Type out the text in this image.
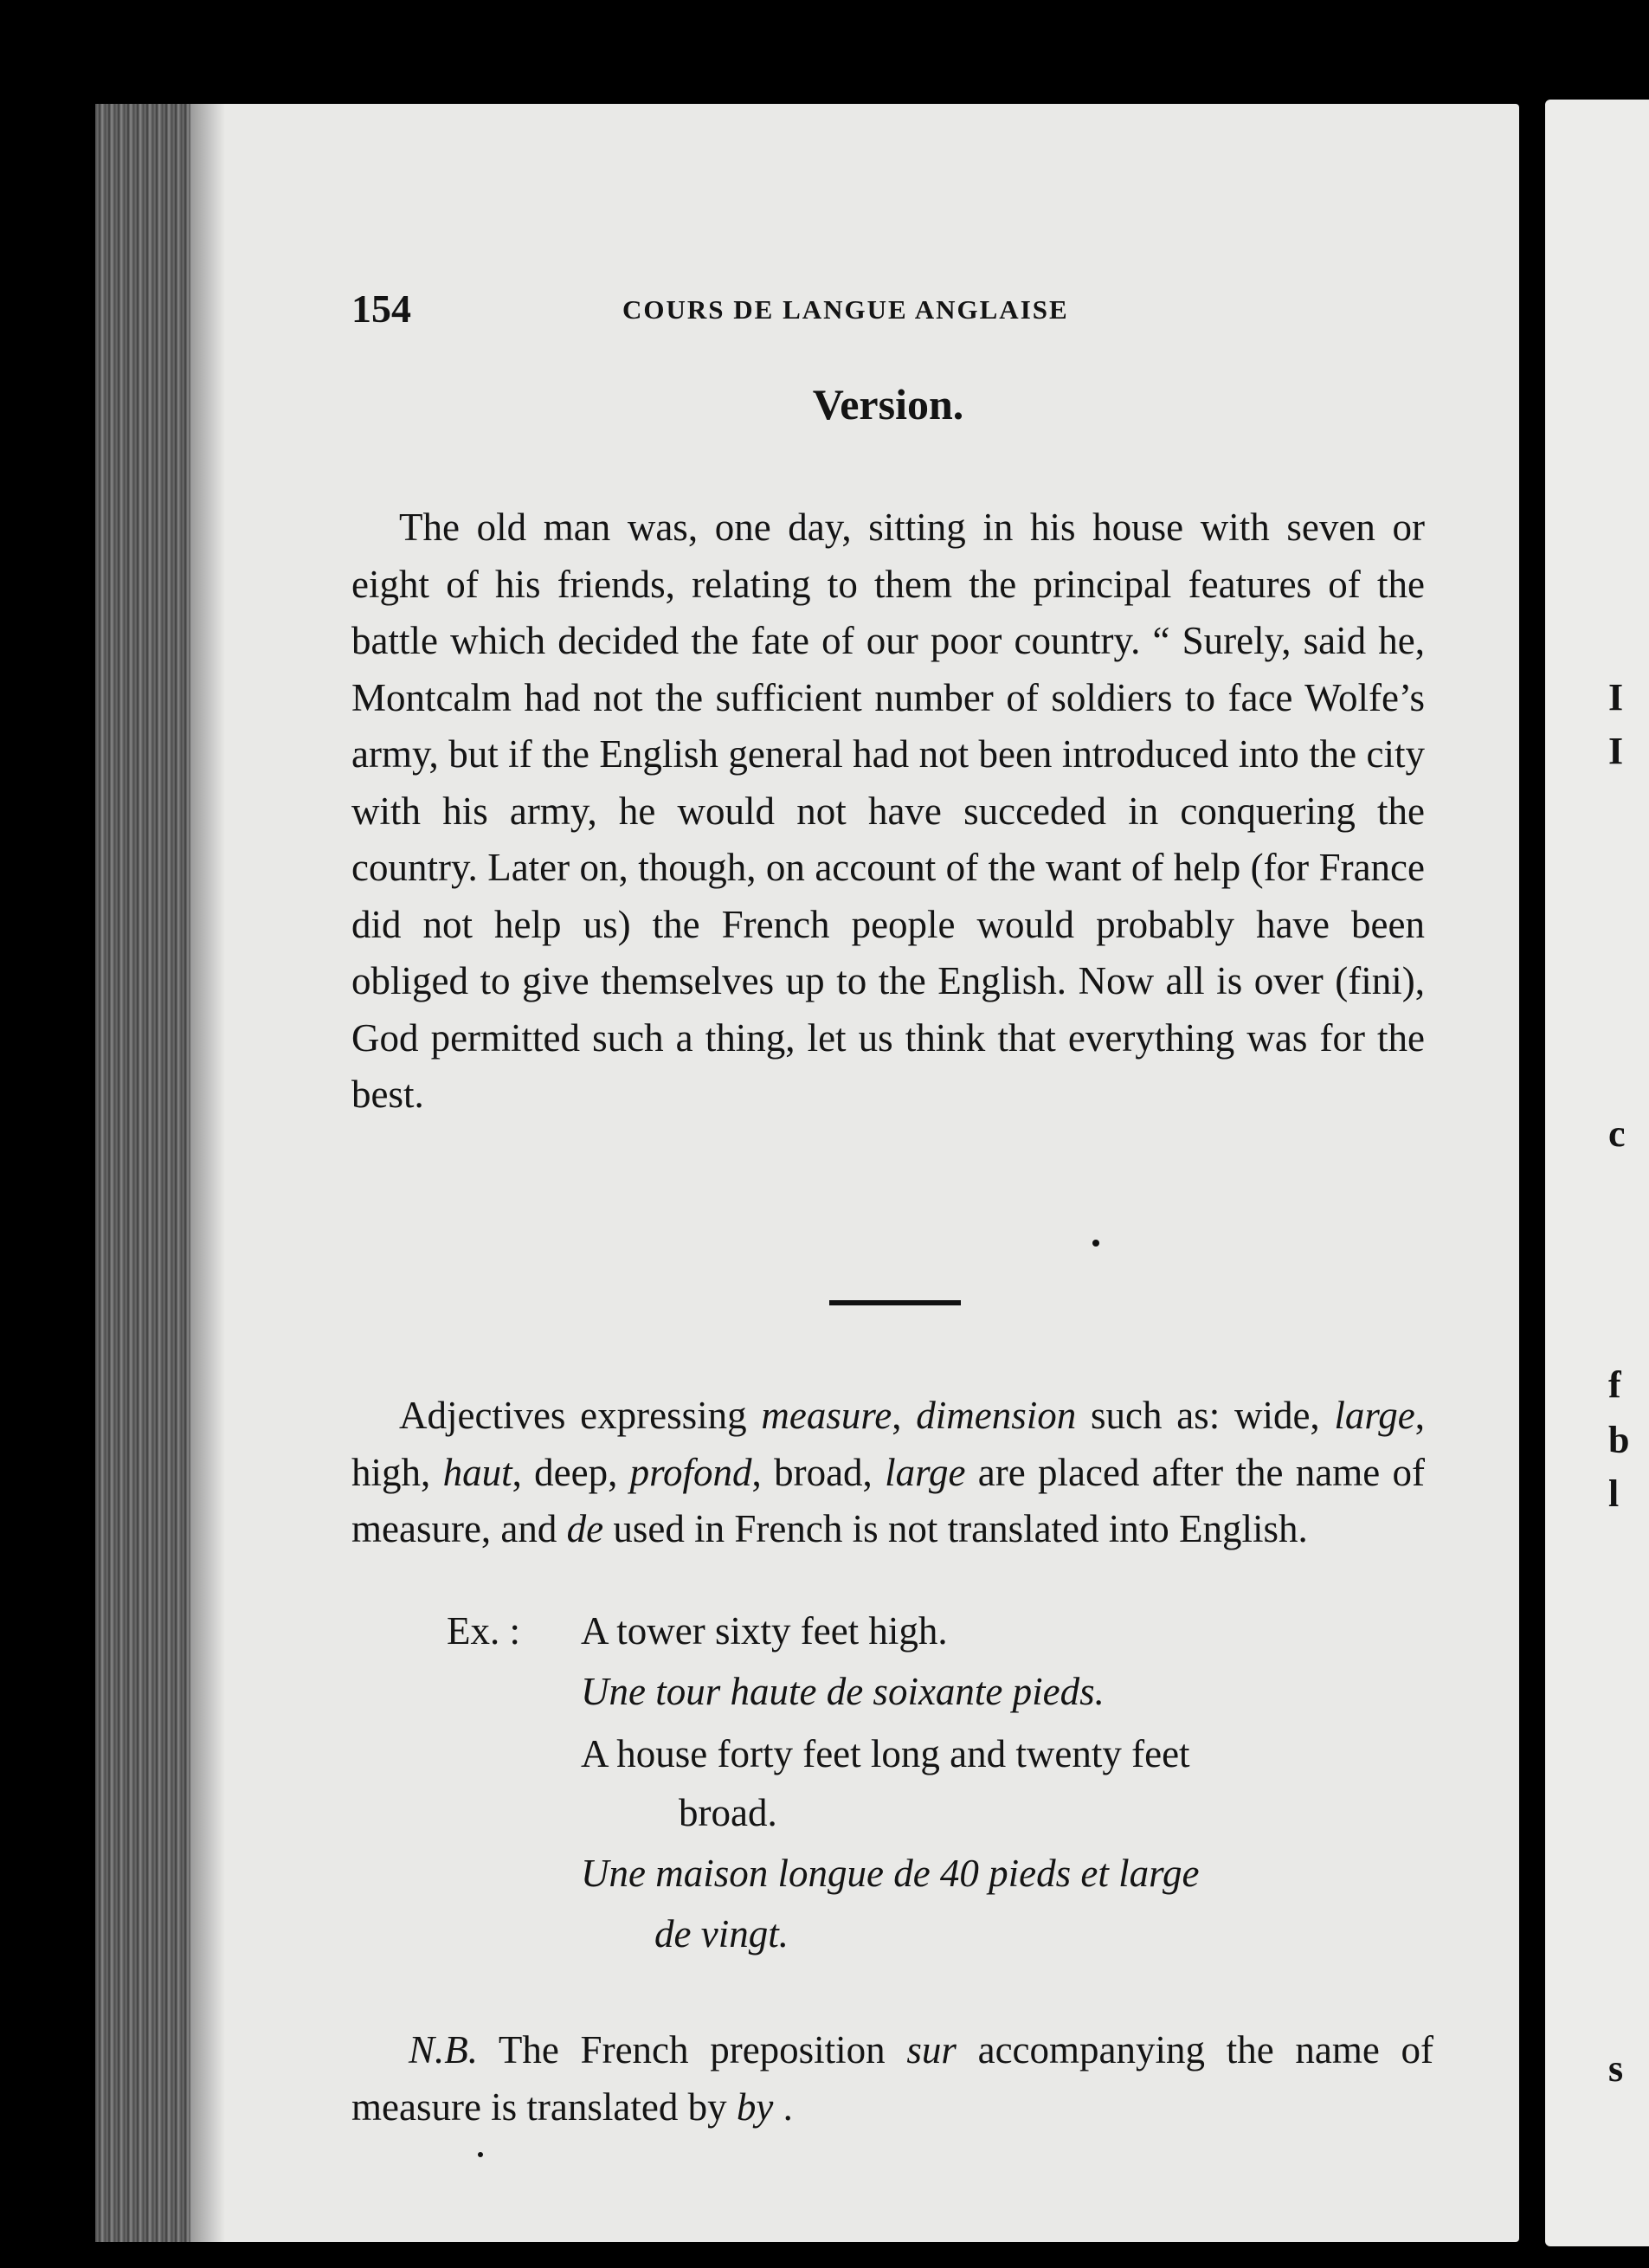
I
I
c
f
b
l
s
154	COURS DE LANGUE ANGLAISE
Version.

The old man was, one day, sitting in his house with seven or eight of his friends, relating to them the principal features of the battle which decided the fate of our poor country. “ Surely, said he, Montcalm had not the sufficient number of soldiers to face Wolfe’s army, but if the English general had not been introduced into the city with his army, he would not have succeded in conquering the country. Later on, though, on account of the want of help (for France did not help us) the French people would probably have been obliged to give themselves up to the English. Now all is over (fini), God permitted such a thing, let us think that everything was for the best.

Adjectives expressing measure, dimension such as: wide, large, high, haut, deep, profond, broad, large are placed after the name of measure, and de used in French is not translated into English.

Ex. : A tower sixty feet high.
Une tour haute de soixante pieds.
A house forty feet long and twenty feet
broad.
Une maison longue de 40 pieds et large
de vingt.

N.B. The French preposition sur accompanying the name of measure is translated by by .
